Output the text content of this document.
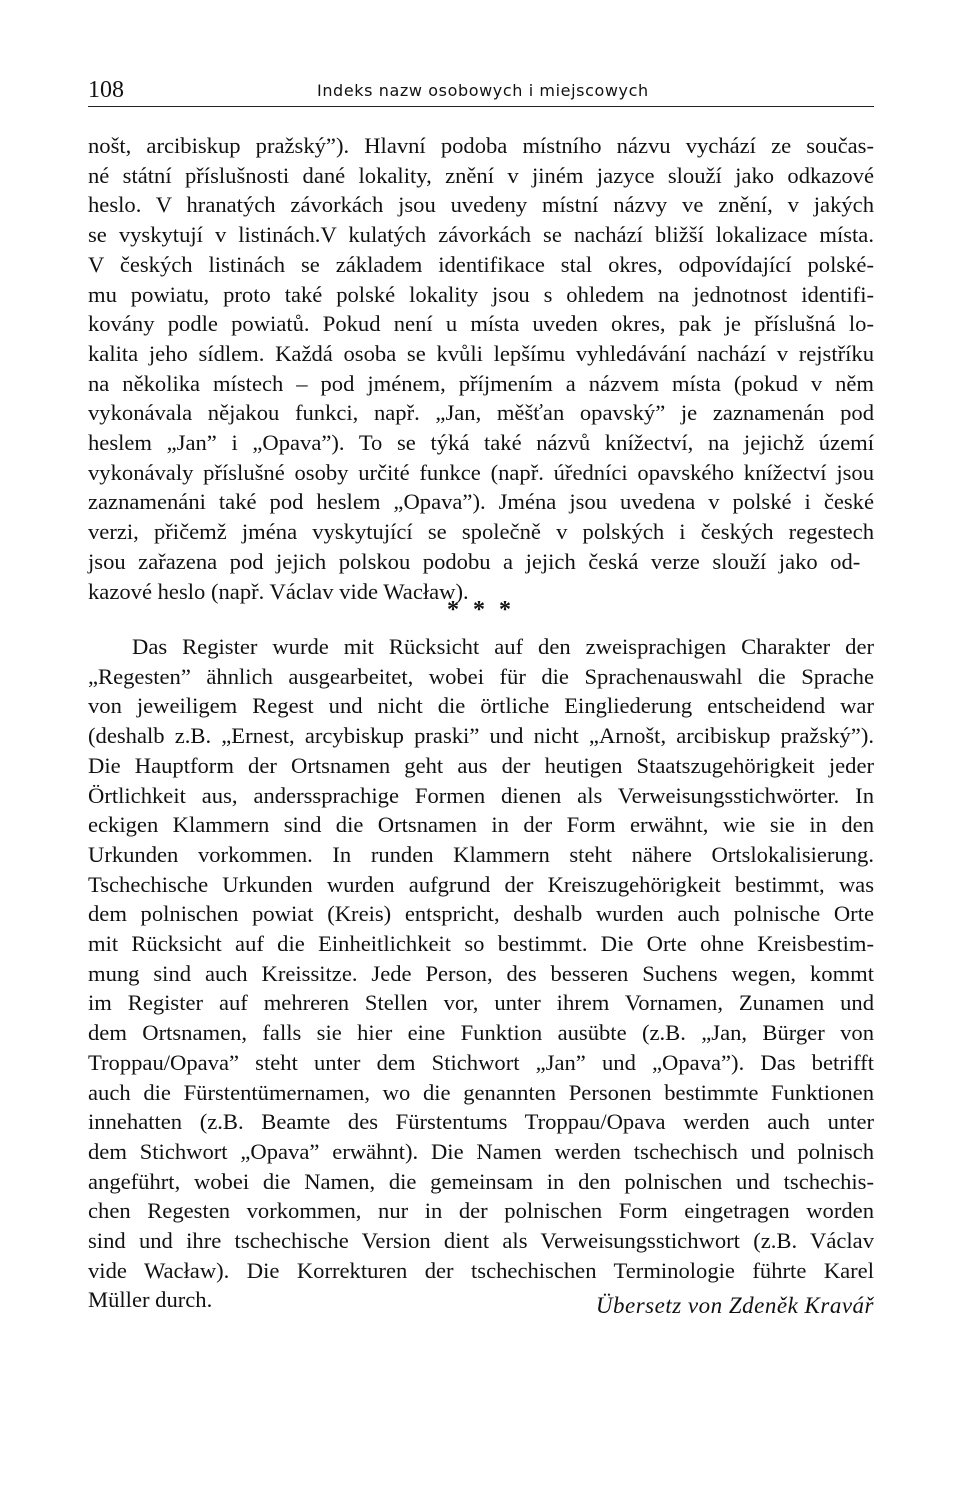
108	Indeks nazw osobowych i miejscowych
nošt, arcibiskup pražský”). Hlavní podoba místního názvu vychází ze součas-
né státní příslušnosti dané lokality, znění v jiném jazyce slouží jako odkazové
heslo. V hranatých závorkách jsou uvedeny místní názvy ve znění, v jakých
se vyskytují v listinách.V kulatých závorkách se nachází bližší lokalizace místa.
V českých listinách se základem identifikace stal okres, odpovídající polské-
mu powiatu, proto také polské lokality jsou s ohledem na jednotnost identifi-
kovány podle powiatů. Pokud není u místa uveden okres, pak je příslušná lo-
kalita jeho sídlem. Každá osoba se kvůli lepšímu vyhledávání nachází v rejstříku
na několika místech – pod jménem, příjmením a názvem místa (pokud v něm
vykonávala nějakou funkci, např. „Jan, měšťan opavský” je zaznamenán pod
heslem „Jan” i „Opava”). To se týká také názvů knížectví, na jejichž území
vykonávaly příslušné osoby určité funkce (např. úředníci opavského knížectví jsou
zaznamenáni také pod heslem „Opava”). Jména jsou uvedena v polské i české
verzi, přičemž jména vyskytující se společně v polských i českých regestech
jsou zařazena pod jejich polskou podobu a jejich česká verze slouží jako od-
kazové heslo (např. Václav vide Wacław).
* * *
Das Register wurde mit Rücksicht auf den zweisprachigen Charakter der
„Regesten” ähnlich ausgearbeitet, wobei für die Sprachenauswahl die Sprache
von jeweiligem Regest und nicht die örtliche Eingliederung entscheidend war
(deshalb z.B. „Ernest, arcybiskup praski” und nicht „Arnošt, arcibiskup pražský”).
Die Hauptform der Ortsnamen geht aus der heutigen Staatszugehörigkeit jeder
Örtlichkeit aus, anderssprachige Formen dienen als Verweisungsstichwörter. In
eckigen Klammern sind die Ortsnamen in der Form erwähnt, wie sie in den
Urkunden vorkommen. In runden Klammern steht nähere Ortslokalisierung.
Tschechische Urkunden wurden aufgrund der Kreiszugehörigkeit bestimmt, was
dem polnischen powiat (Kreis) entspricht, deshalb wurden auch polnische Orte
mit Rücksicht auf die Einheitlichkeit so bestimmt. Die Orte ohne Kreisbestim-
mung sind auch Kreissitze. Jede Person, des besseren Suchens wegen, kommt
im Register auf mehreren Stellen vor, unter ihrem Vornamen, Zunamen und
dem Ortsnamen, falls sie hier eine Funktion ausübte (z.B. „Jan, Bürger von
Troppau/Opava” steht unter dem Stichwort „Jan” und „Opava”). Das betrifft
auch die Fürstentümernamen, wo die genannten Personen bestimmte Funktionen
innehatten (z.B. Beamte des Fürstentums Troppau/Opava werden auch unter
dem Stichwort „Opava” erwähnt). Die Namen werden tschechisch und polnisch
angeführt, wobei die Namen, die gemeinsam in den polnischen und tschechis-
chen Regesten vorkommen, nur in der polnischen Form eingetragen worden
sind und ihre tschechische Version dient als Verweisungsstichwort (z.B. Václav
vide Wacław). Die Korrekturen der tschechischen Terminologie führte Karel
Müller durch.	Übersetz von Zdeněk Kravář
